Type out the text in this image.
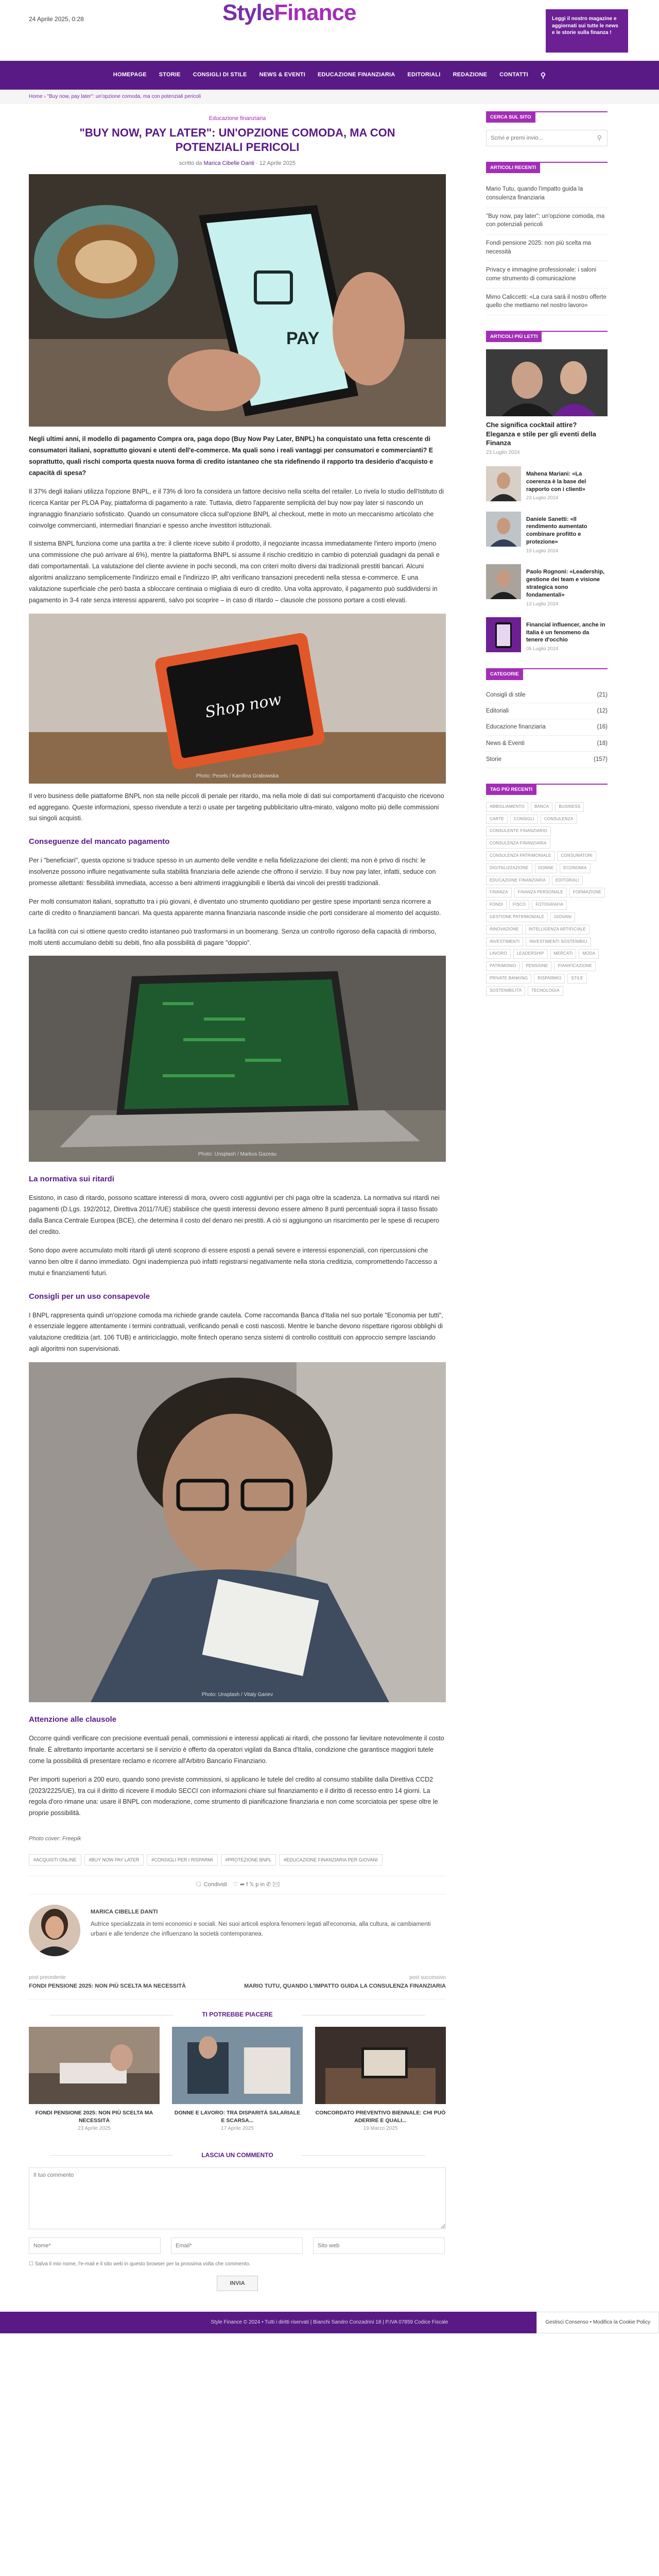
24 Aprile 2025, 0:28	StyleFinance	Leggi il nostro magazine e aggiornati sui tutte le news e le storie sulla finanza !
HOMEPAGE	STORIE	CONSIGLI DI STILE	NEWS & EVENTI	EDUCAZIONE FINANZIARIA	EDITORIALI	REDAZIONE	CONTATTI	⚲
Home › "Buy now, pay later": un'opzione comoda, ma con potenziali pericoli
Educazione finanziaria
"BUY NOW, PAY LATER": UN'OPZIONE COMODA, MA CON POTENZIALI PERICOLI
scritto da Marica Cibelle Danti · 12 Aprile 2025
PAY

Negli ultimi anni, il modello di pagamento Compra ora, paga dopo (Buy Now Pay Later, BNPL) ha conquistato una fetta crescente di consumatori italiani, soprattutto giovani e utenti dell'e-commerce. Ma quali sono i reali vantaggi per consumatori e commercianti? E soprattutto, quali rischi comporta questa nuova forma di credito istantaneo che sta ridefinendo il rapporto tra desiderio d'acquisto e capacità di spesa?

Il 37% degli italiani utilizza l'opzione BNPL, e il 73% di loro fa considera un fattore decisivo nella scelta del retailer. Lo rivela lo studio dell'Istituto di ricerca Kantar per PLOA Pay, piattaforma di pagamento a rate. Tuttavia, dietro l'apparente semplicità del buy now pay later si nascondo un ingranaggio finanziario sofisticato. Quando un consumatore clicca sull'opzione BNPL al checkout, mette in moto un meccanismo articolato che coinvolge commercianti, intermediari finanziari e spesso anche investitori istituzionali.

Il sistema BNPL funziona come una partita a tre: il cliente riceve subito il prodotto, il negoziante incassa immediatamente l'intero importo (meno una commissione che può arrivare al 6%), mentre la piattaforma BNPL si assume il rischio creditizio in cambio di potenziali guadagni da penali e dati comportamentali. La valutazione del cliente avviene in pochi secondi, ma con criteri molto diversi dai tradizionali prestiti bancari. Alcuni algoritmi analizzano semplicemente l'indirizzo email e l'indirizzo IP, altri verificano transazioni precedenti nella stessa e-commerce. E una valutazione superficiale che però basta a sbloccare centinaia o migliaia di euro di credito. Una volta approvato, il pagamento può suddividersi in pagamento in 3-4 rate senza interessi apparenti, salvo poi scoprire – in caso di ritardo – clausole che possono portare a costi elevati.

Shop now
Photo: Pexels / Karolina Grabowska

Il vero business delle piattaforme BNPL non sta nelle piccoli di penale per ritardo, ma nella mole di dati sui comportamenti d'acquisto che ricevono ed aggregano. Queste informazioni, spesso rivendute a terzi o usate per targeting pubblicitario ultra-mirato, valgono molto più delle commissioni sui singoli acquisti.

Conseguenze del mancato pagamento

Per i "beneficiari", questa opzione si traduce spesso in un aumento delle vendite e nella fidelizzazione dei clienti; ma non è privo di rischi: le insolvenze possono influire negativamente sulla stabilità finanziaria delle aziende che offrono il servizio. Il buy now pay later, infatti, seduce con promesse allettanti: flessibilità immediata, accesso a beni altrimenti irraggiungibili e libertà dai vincoli dei prestiti tradizionali.

Per molti consumatori italiani, soprattutto tra i più giovani, è diventato uno strumento quotidiano per gestire spese importanti senza ricorrere a carte di credito o finanziamenti bancari. Ma questa apparente manna finanziaria nasconde insidie che porti considerare al momento del acquisto.

La facilità con cui si ottiene questo credito istantaneo può trasformarsi in un boomerang. Senza un controllo rigoroso della capacità di rimborso, molti utenti accumulano debiti su debiti, fino alla possibilità di pagare "doppio".

Photo: Unsplash / Markus Gazeau
La normativa sui ritardi

Esistono, in caso di ritardo, possono scattare interessi di mora, ovvero costi aggiuntivi per chi paga oltre la scadenza. La normativa sui ritardi nei pagamenti (D.Lgs. 192/2012, Direttiva 2011/7/UE) stabilisce che questi interessi devono essere almeno 8 punti percentuali sopra il tasso fissato dalla Banca Centrale Europea (BCE), che determina il costo del denaro nei prestiti. A ciò si aggiungono un risarcimento per le spese di recupero del credito.

Sono dopo avere accumulato molti ritardi gli utenti scoprono di essere esposti a penali severe e interessi esponenziali, con ripercussioni che vanno ben oltre il danno immediato. Ogni inadempienza può infatti registrarsi negativamente nella storia creditizia, compromettendo l'accesso a mutui e finanziamenti futuri.

Consigli per un uso consapevole

I BNPL rappresenta quindi un'opzione comoda ma richiede grande cautela. Come raccomanda Banca d'Italia nel suo portale "Economia per tutti", è essenziale leggere attentamente i termini contrattuali, verificando penali e costi nascosti. Mentre le banche devono rispettare rigorosi obblighi di valutazione creditizia (art. 106 TUB) e antiriciclaggio, molte fintech operano senza sistemi di controllo costituiti con approccio sempre lasciando agli algoritmi non supervisionati.

Photo: Unsplash / Vitaly Gariev
Attenzione alle clausole

Occorre quindi verificare con precisione eventuali penali, commissioni e interessi applicati ai ritardi, che possono far lievitare notevolmente il costo finale. È altrettanto importante accertarsi se il servizio è offerto da operatori vigilati da Banca d'Italia, condizione che garantisce maggiori tutele come la possibilità di presentare reclamo e ricorrere all'Arbitro Bancario Finanziario.

Per importi superiori a 200 euro, quando sono previste commissioni, si applicano le tutele del credito al consumo stabilite dalla Direttiva CCD2 (2023/2225/UE), tra cui il diritto di ricevere il modulo SECCI con informazioni chiare sul finanziamento e il diritto di recesso entro 14 giorni. La regola d'oro rimane una: usare il BNPL con moderazione, come strumento di pianificazione finanziaria e non come scorciatoia per spese oltre le proprie possibilità.

Photo cover: Freepik
#ACQUISTI ONLINE	#BUY NOW PAY LATER	#CONSIGLI PER I RISPARMI	#PROTEZIONE BNPL	#EDUCAZIONE FINANZIARIA PER GIOVANI
🗨 Condividi ♡ ➦ f 𝕏 p in ✆ ✉
MARICA CIBELLE DANTI
Autrice specializzata in temi economici e sociali. Nei suoi articoli esplora fenomeni legati all'economia, alla cultura, ai cambiamenti urbani e alle tendenze che influenzano la società contemporanea.
post precedente
FONDI PENSIONE 2025: NON PIÙ SCELTA MA NECESSITÀ
post successivo
MARIO TUTU, QUANDO L'IMPATTO GUIDA LA CONSULENZA FINANZIARIA
TI POTREBBE PIACERE
FONDI PENSIONE 2025: NON PIÙ SCELTA MA NECESSITÀ
23 Aprile 2025
DONNE E LAVORO: TRA DISPARITÀ SALARIALE E SCARSA...
17 Aprile 2025
CONCORDATO PREVENTIVO BIENNALE: CHI PUÒ ADERIRE E QUALI...
19 Marzo 2025
LASCIA UN COMMENTO
Il tuo commento
Nome*
Email*
Sito web
☐ Salva il mio nome, l'e-mail e il sito web in questo browser per la prossima volta che commento.
INVIA
CERCA SUL SITO
Scrivi e premi invio...
⚲
ARTICOLI RECENTI
Mario Tutu, quando l'impatto guida la consulenza finanziaria
"Buy now, pay later": un'opzione comoda, ma con potenziali pericoli
Fondi pensione 2025: non più scelta ma necessità
Privacy e immagine professionale: i saloni come strumento di comunicazione
Mimo Caliccetti: «La cura sarà il nostro offerte quello che mettiamo nel nostro lavoro»
ARTICOLI PIÙ LETTI
Che significa cocktail attire? Eleganza e stile per gli eventi della Finanza
23 Luglio 2024
Mahena Mariani: «La coerenza è la base del rapporto con i clienti»
23 Luglio 2024
Daniele Sanetti: «Il rendimento aumentato combinare profitto e protezione»
19 Luglio 2024
Paolo Rognoni: «Leadership, gestione dei team e visione strategica sono fondamentali»
13 Luglio 2024
Financial influencer, anche in Italia è un fenomeno da tenere d'occhio
05 Luglio 2024
CATEGORIE
Consigli di stile	(21)
Editoriali	(12)
Educazione finanziaria	(16)
News & Eventi	(18)
Storie	(157)
TAG PIÙ RECENTI
ABBIGLIAMENTO	BANCA	BUSINESS
CARTE	CONSIGLI	CONSULENZA
CONSULENTE FINANZIARIO
CONSULENZA FINANZIARIA
CONSULENZA PATRIMONIALE	CONSUMATORI
DIGITALIZZAZIONE	DONNE	ECONOMIA
EDUCAZIONE FINANZIARIA	EDITORIALI
FINANZA	FINANZA PERSONALE	FORMAZIONE
FONDI	FISCO	FOTOGRAFIA
GESTIONE PATRIMONIALE	GIOVANI
INNOVAZIONE	INTELLIGENZA ARTIFICIALE
INVESTIMENTI	INVESTIMENTI SOSTENIBILI
LAVORO	LEADERSHIP	MERCATI	MODA
PATRIMONIO	PENSIONE	PIANIFICAZIONE
PRIVATE BANKING	RISPARMIO	STILE
SOSTENIBILITÀ	TECNOLOGIA
Style Finance © 2024 • Tutti i diritti riservati | Bianchi Sandro Conzadrini 18 | P.IVA 07859 Codice Fiscale	Gestisci Consenso • Modifica la Cookie Policy
